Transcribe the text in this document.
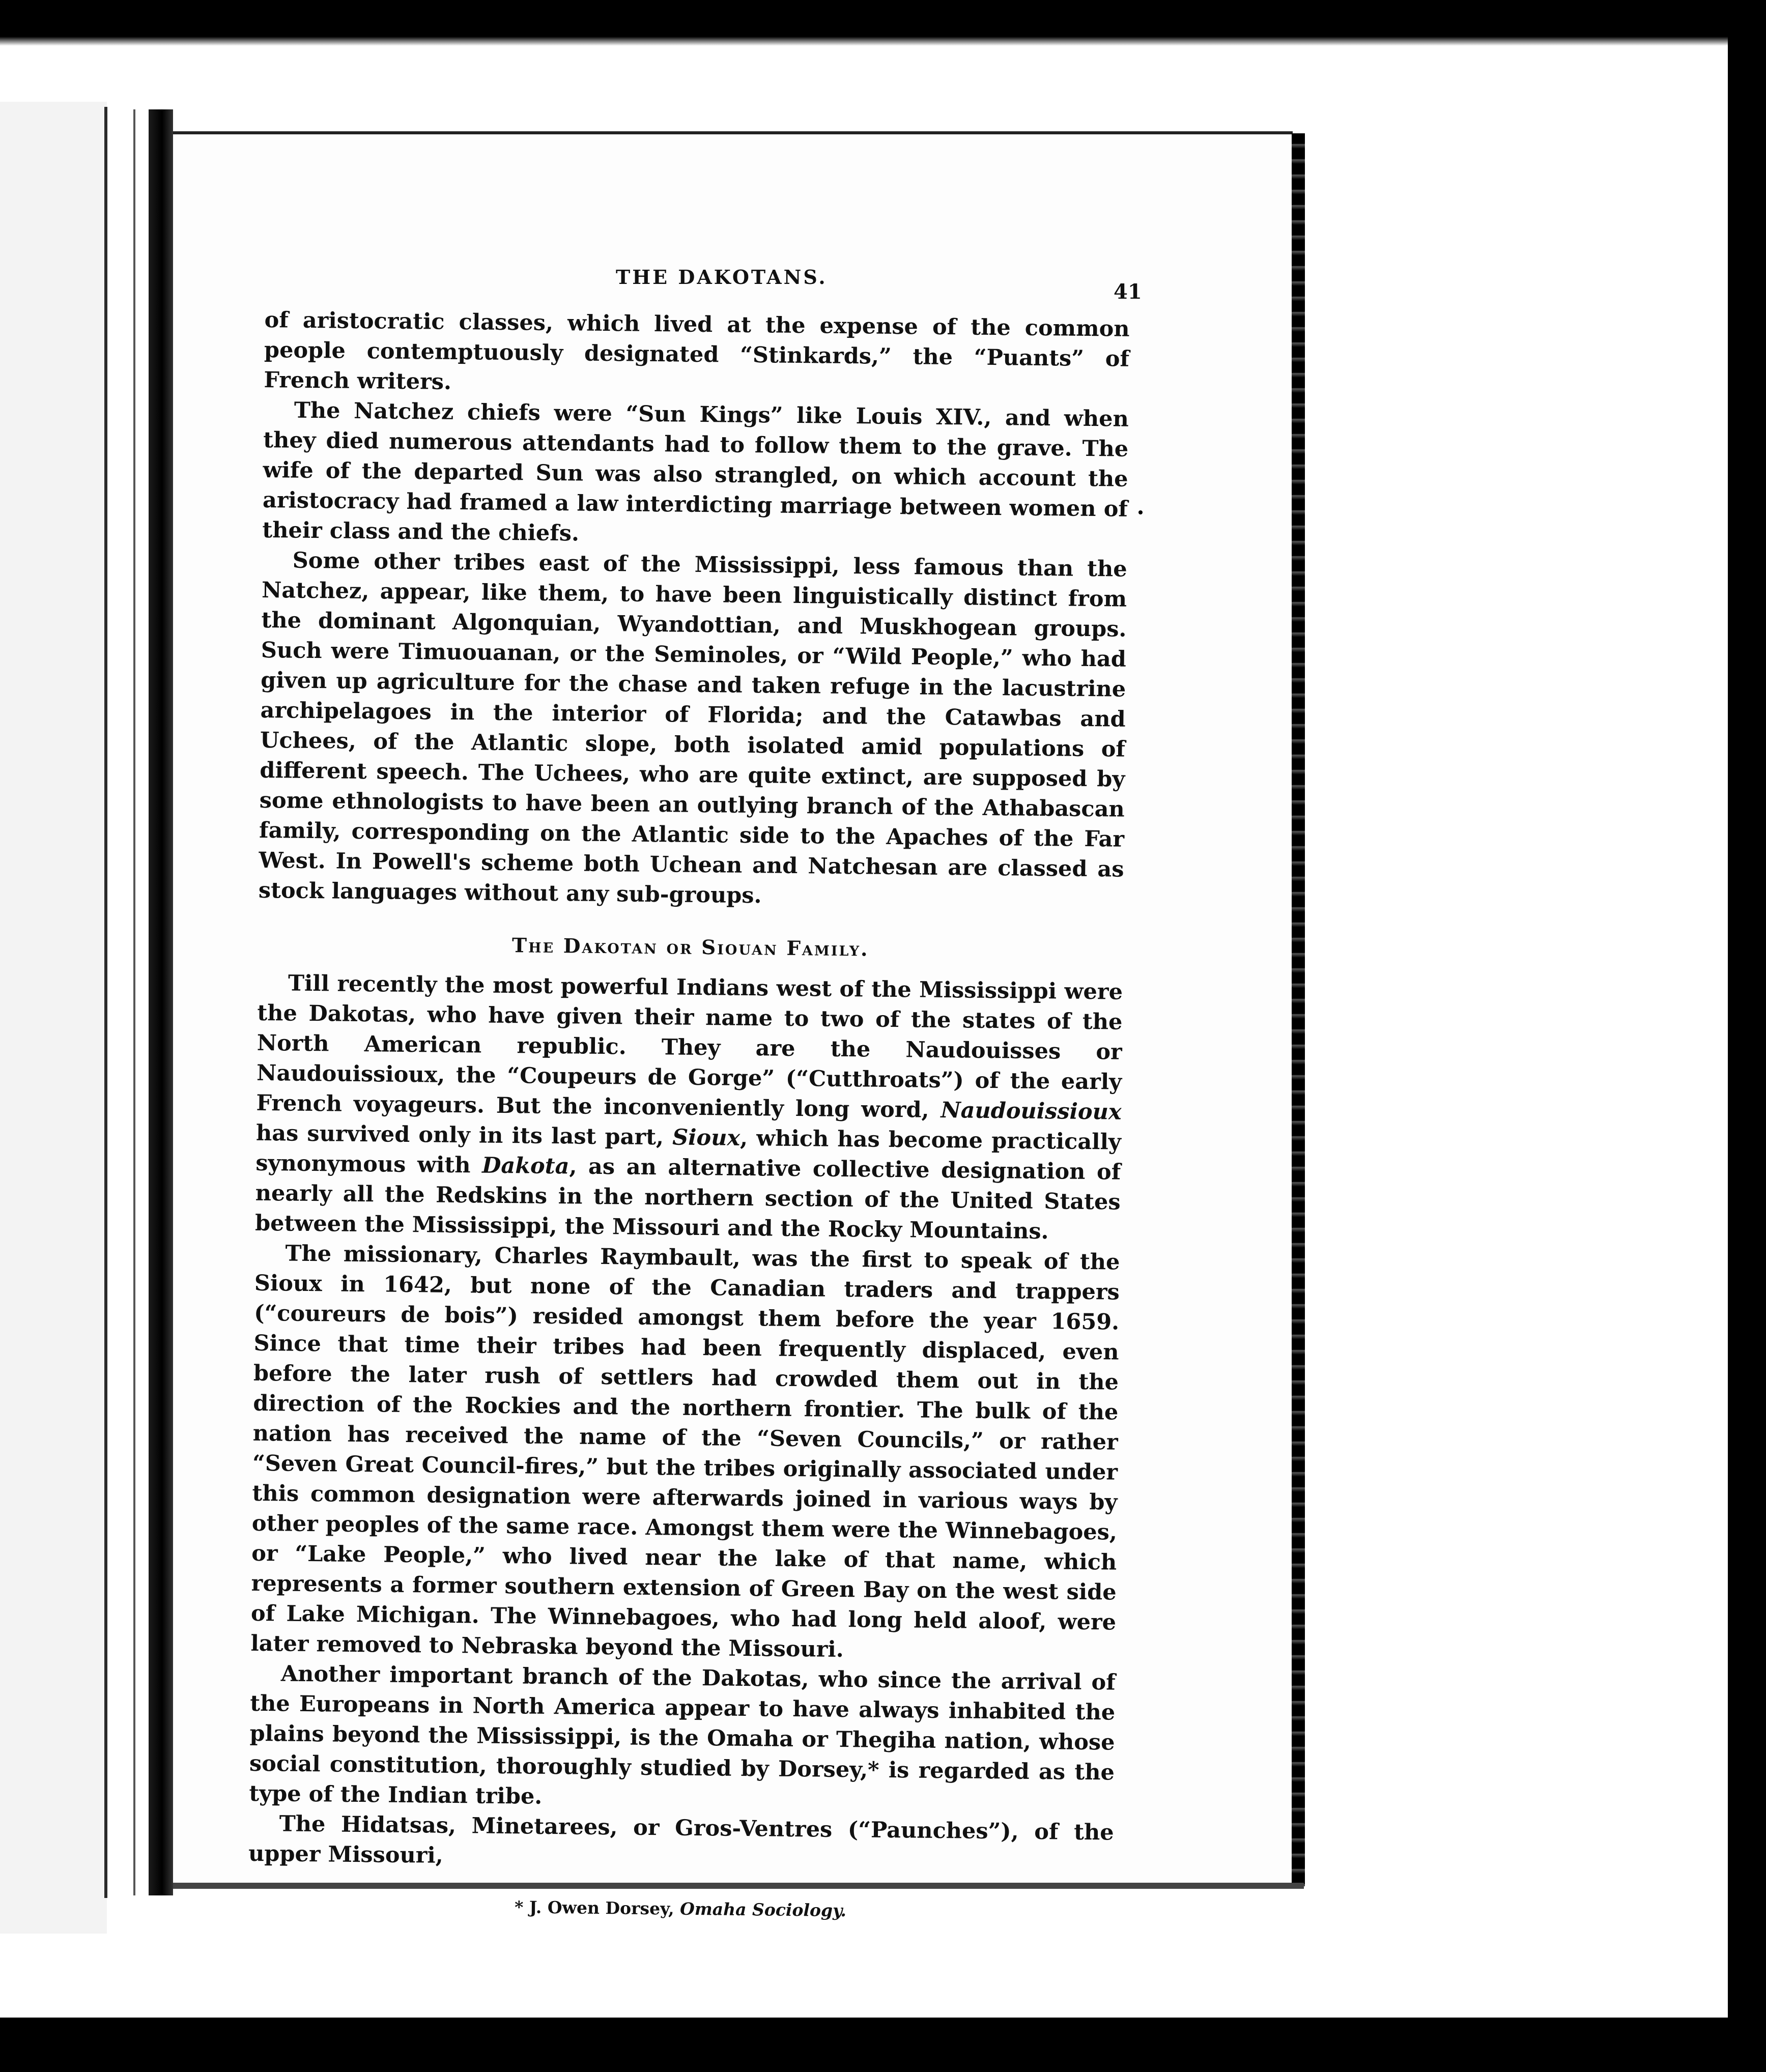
THE DAKOTANS.
41

of aristocratic classes, which lived at the expense of the common people contemptuously designated “Stinkards,” the “Puants” of French writers.

The Natchez chiefs were “Sun Kings” like Louis XIV., and when they died numerous attendants had to follow them to the grave. The wife of the departed Sun was also strangled, on which account the aristocracy had framed a law interdicting marriage between women of their class and the chiefs.

Some other tribes east of the Mississippi, less famous than the Natchez, appear, like them, to have been linguistically distinct from the dominant Algonquian, Wyandottian, and Muskhogean groups. Such were Timuouanan, or the Seminoles, or “Wild People,” who had given up agriculture for the chase and taken refuge in the lacustrine archipelagoes in the interior of Florida; and the Catawbas and Uchees, of the Atlantic slope, both isolated amid populations of different speech. The Uchees, who are quite extinct, are supposed by some ethnologists to have been an outlying branch of the Athabascan family, corresponding on the Atlantic side to the Apaches of the Far West. In Powell's scheme both Uchean and Natchesan are classed as stock languages without any sub-groups.

The Dakotan or Siouan Family.

Till recently the most powerful Indians west of the Mississippi were the Dakotas, who have given their name to two of the states of the North American republic. They are the Naudouisses or Naudouissioux, the “Coupeurs de Gorge” (“Cutthroats”) of the early French voyageurs. But the inconveniently long word, Naudouissioux has survived only in its last part, Sioux, which has become practically synonymous with Dakota, as an alternative collective designation of nearly all the Redskins in the northern section of the United States between the Mississippi, the Missouri and the Rocky Mountains.

The missionary, Charles Raymbault, was the first to speak of the Sioux in 1642, but none of the Canadian traders and trappers (“coureurs de bois”) resided amongst them before the year 1659. Since that time their tribes had been frequently displaced, even before the later rush of settlers had crowded them out in the direction of the Rockies and the northern frontier. The bulk of the nation has received the name of the “Seven Councils,” or rather “Seven Great Council-fires,” but the tribes originally associated under this common designation were afterwards joined in various ways by other peoples of the same race. Amongst them were the Winnebagoes, or “Lake People,” who lived near the lake of that name, which represents a former southern extension of Green Bay on the west side of Lake Michigan. The Winnebagoes, who had long held aloof, were later removed to Nebraska beyond the Missouri.

Another important branch of the Dakotas, who since the arrival of the Europeans in North America appear to have always inhabited the plains beyond the Mississippi, is the Omaha or Thegiha nation, whose social constitution, thoroughly studied by Dorsey,* is regarded as the type of the Indian tribe.

The Hidatsas, Minetarees, or Gros-Ventres (“Paunches”), of the upper Missouri,

* J. Owen Dorsey, Omaha Sociology.
